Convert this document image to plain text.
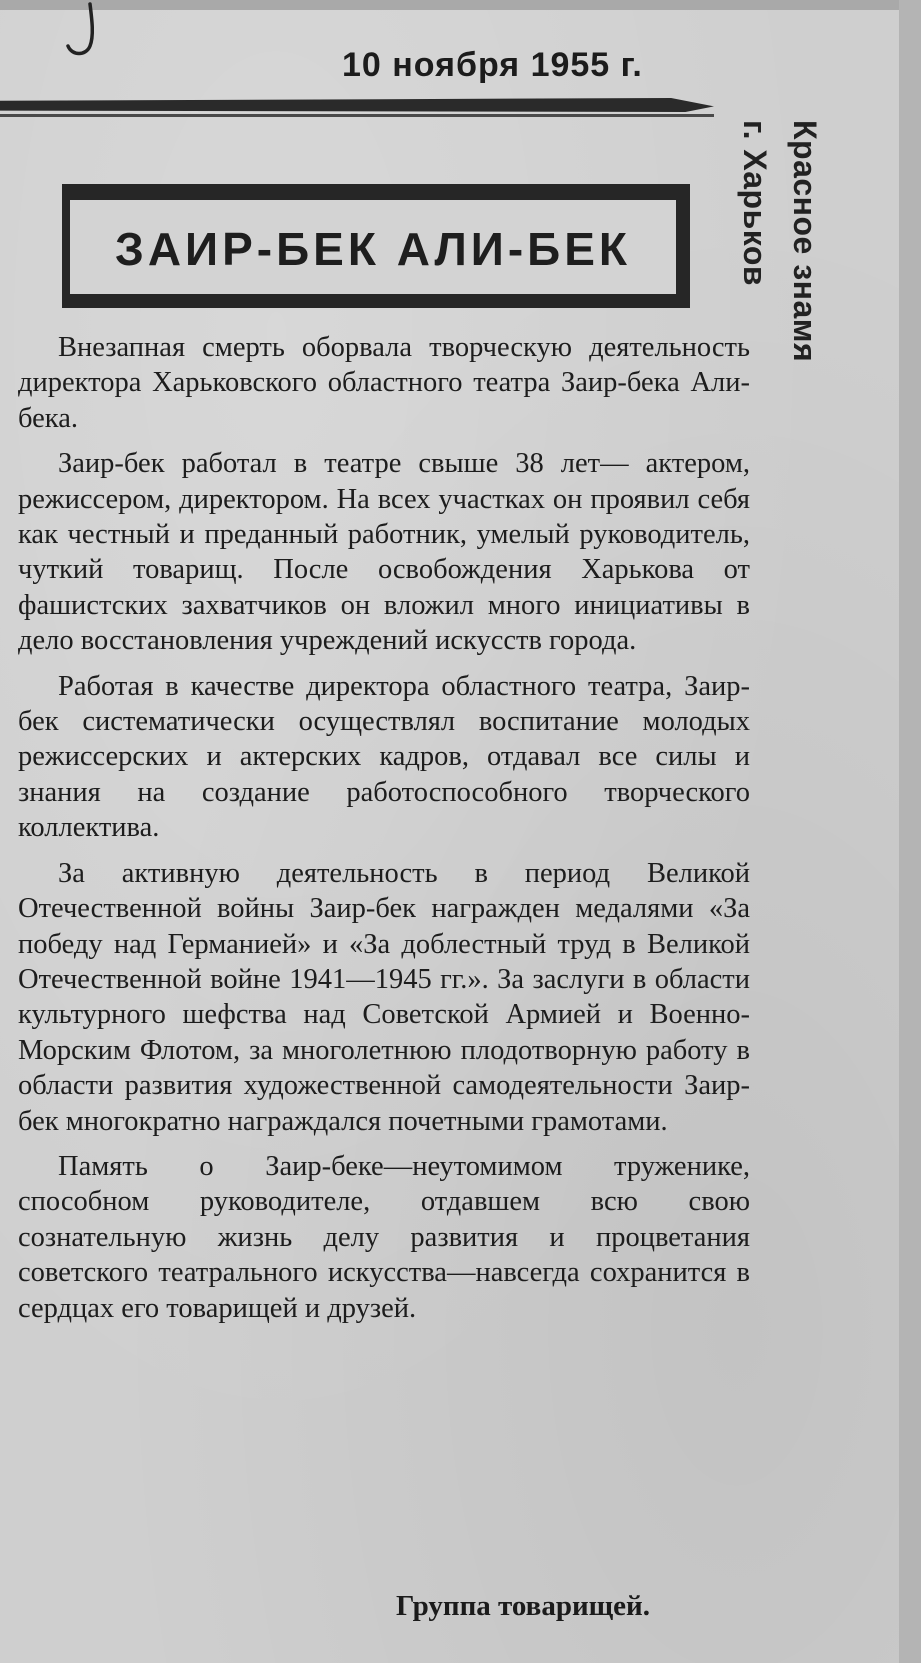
10 ноября 1955 г.
г. Харьков Красное знамя
ЗАИР-БЕК АЛИ-БЕК

Внезапная смерть оборвала творческую деятельность директора Харьковского областного театра Заир-бека Али-бека.

Заир-бек работал в театре свыше 38 лет— актером, режиссером, директором. На всех участках он проявил себя как честный и преданный работник, умелый руководитель, чуткий товарищ. После освобождения Харькова от фашистских захватчиков он вложил много инициативы в дело восстановления учреждений искусств города.

Работая в качестве директора областного театра, Заир-бек систематически осуществлял воспитание молодых режиссерских и актерских кадров, отдавал все силы и знания на создание работоспособного творческого коллектива.

За активную деятельность в период Великой Отечественной войны Заир-бек награжден медалями «За победу над Германией» и «За доблестный труд в Великой Отечественной войне 1941—1945 гг.». За заслуги в области культурного шефства над Советской Армией и Военно-Морским Флотом, за многолетнюю плодотворную работу в области развития художественной самодеятельности Заир-бек многократно награждался почетными грамотами.

Память о Заир-беке—неутомимом труженике, способном руководителе, отдавшем всю свою сознательную жизнь делу развития и процветания советского театрального искусства—навсегда сохранится в сердцах его товарищей и друзей.

Группа товарищей.
